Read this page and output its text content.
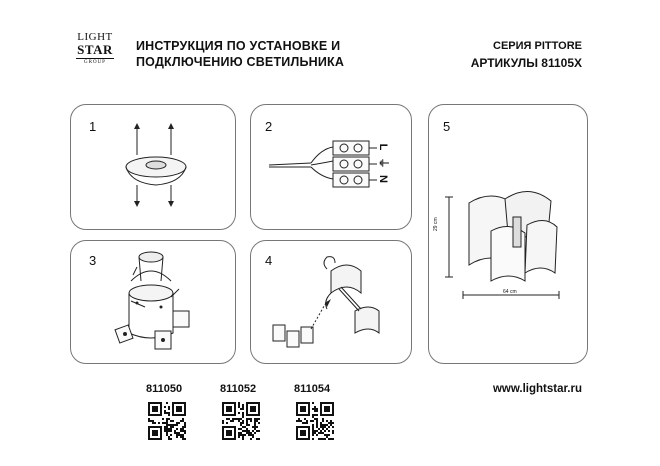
LIGHT
STAR
GROUP
ИНСТРУКЦИЯ ПО УСТАНОВКЕ И
ПОДКЛЮЧЕНИЮ СВЕТИЛЬНИКА
СЕРИЯ PITTORE
АРТИКУЛЫ 81105X
1	2
L
⏚
N
3	4
5
29 cm
64 cm
811050	811052	811054	www.lightstar.ru
